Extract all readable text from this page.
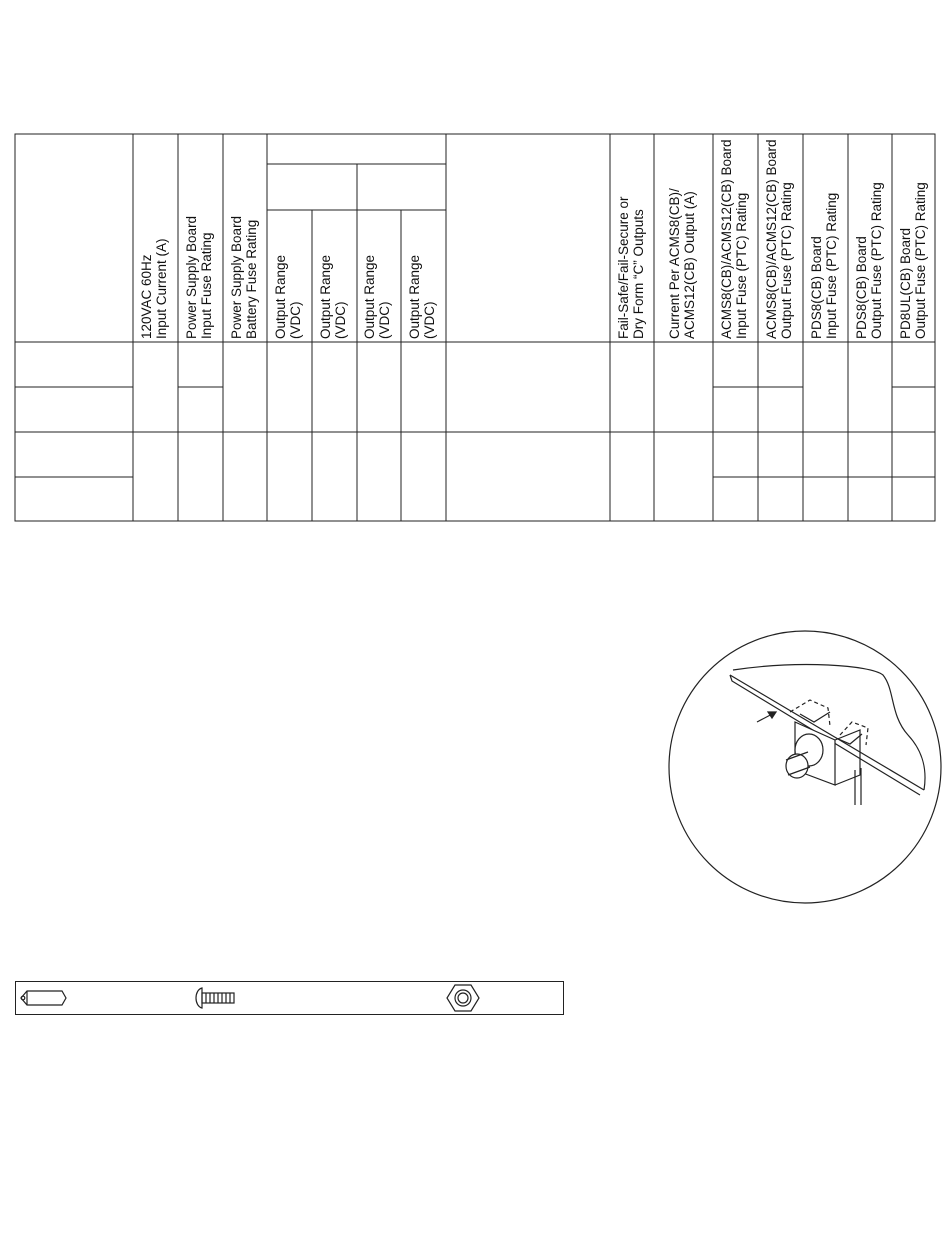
120VAC 60Hz Input Current (A) Power Supply Board Input Fuse Rating Power Supply Board Battery Fuse Rating Output Range (VDC) Output Range (VDC) Output Range (VDC) Output Range (VDC)	Fail-Safe/Fail-Secure or Dry Form “C” Outputs Current Per ACMS8(CB)/ ACMS12(CB) Output (A) ACMS8(CB)/ACMS12(CB) Board Input Fuse (PTC) Rating ACMS8(CB)/ACMS12(CB) Board Output Fuse (PTC) Rating PDS8(CB) Board Input Fuse (PTC) Rating PDS8(CB) Board Output Fuse (PTC) Rating PD8UL(CB) Board Output Fuse (PTC) Rating
